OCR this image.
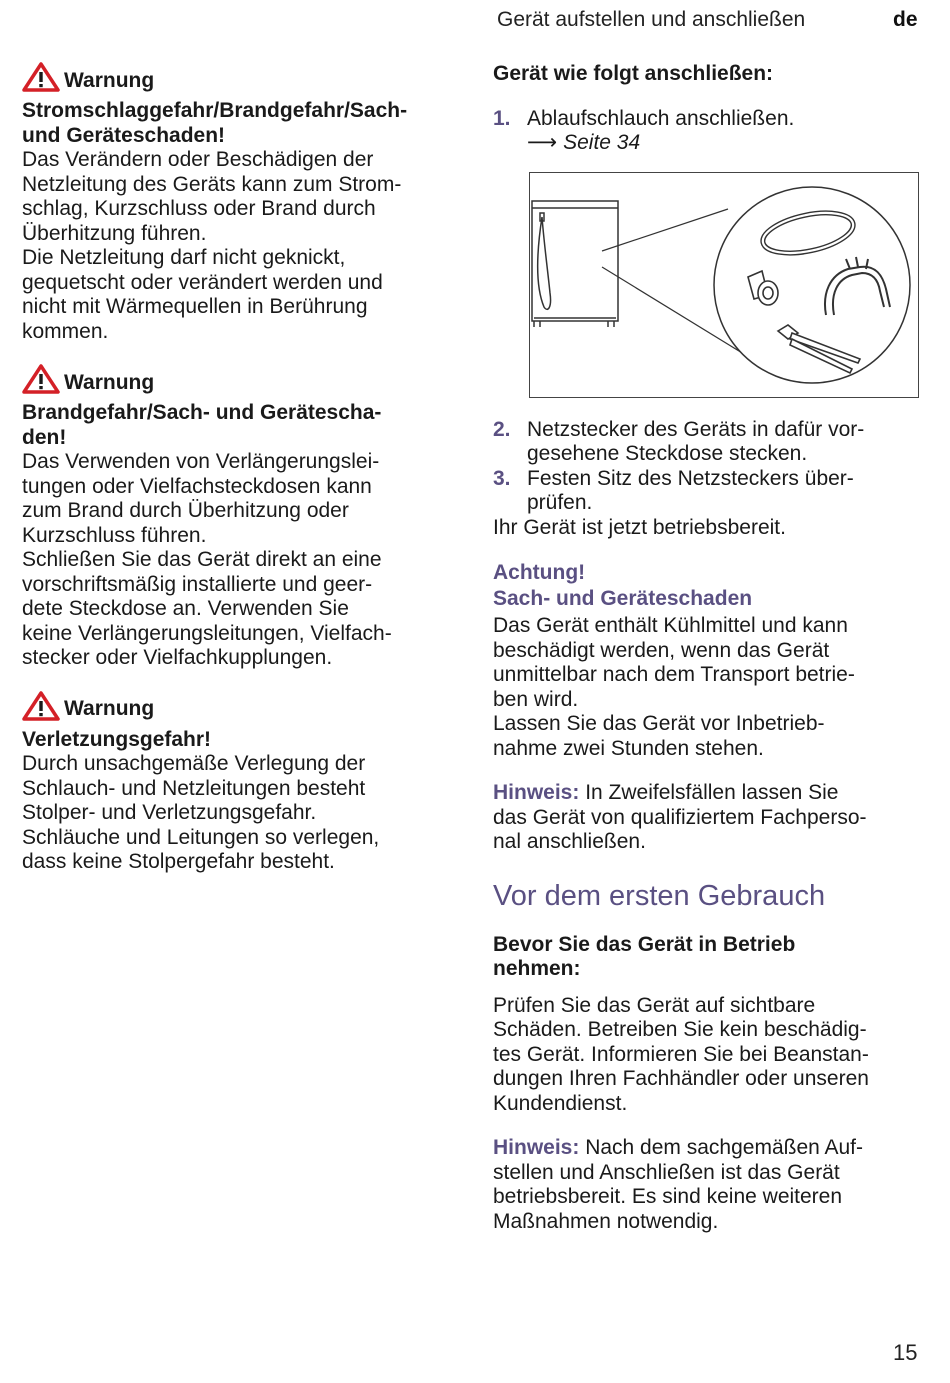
Gerät aufstellen und anschließen	de
Warnung
Stromschlaggefahr/Brandgefahr/Sach-
und Geräteschaden!
Das Verändern oder Beschädigen der
Netzleitung des Geräts kann zum Strom-
schlag, Kurzschluss oder Brand durch
Überhitzung führen.
Die Netzleitung darf nicht geknickt,
gequetscht oder verändert werden und
nicht mit Wärmequellen in Berührung
kommen.
Warnung
Brandgefahr/Sach- und Gerätescha-
den!
Das Verwenden von Verlängerungslei-
tungen oder Vielfachsteckdosen kann
zum Brand durch Überhitzung oder
Kurzschluss führen.
Schließen Sie das Gerät direkt an eine
vorschriftsmäßig installierte und geer-
dete Steckdose an. Verwenden Sie
keine Verlängerungsleitungen, Vielfach-
stecker oder Vielfachkupplungen.
Warnung
Verletzungsgefahr!
Durch unsachgemäße Verlegung der
Schlauch- und Netzleitungen besteht
Stolper- und Verletzungsgefahr.
Schläuche und Leitungen so verlegen,
dass keine Stolpergefahr besteht.
Gerät wie folgt anschließen:
1. Ablaufschlauch anschließen.
⟶ Seite 34
2. Netzstecker des Geräts in dafür vor-
gesehene Steckdose stecken.
3. Festen Sitz des Netzsteckers über-
prüfen.
Ihr Gerät ist jetzt betriebsbereit.
Achtung!
Sach- und Geräteschaden
Das Gerät enthält Kühlmittel und kann
beschädigt werden, wenn das Gerät
unmittelbar nach dem Transport betrie-
ben wird.
Lassen Sie das Gerät vor Inbetrieb-
nahme zwei Stunden stehen.
Hinweis: In Zweifelsfällen lassen Sie
das Gerät von qualifiziertem Fachperso-
nal anschließen.
Vor dem ersten Gebrauch
Bevor Sie das Gerät in Betrieb
nehmen:
Prüfen Sie das Gerät auf sichtbare
Schäden. Betreiben Sie kein beschädig-
tes Gerät. Informieren Sie bei Beanstan-
dungen Ihren Fachhändler oder unseren
Kundendienst.
Hinweis: Nach dem sachgemäßen Auf-
stellen und Anschließen ist das Gerät
betriebsbereit. Es sind keine weiteren
Maßnahmen notwendig.
15
